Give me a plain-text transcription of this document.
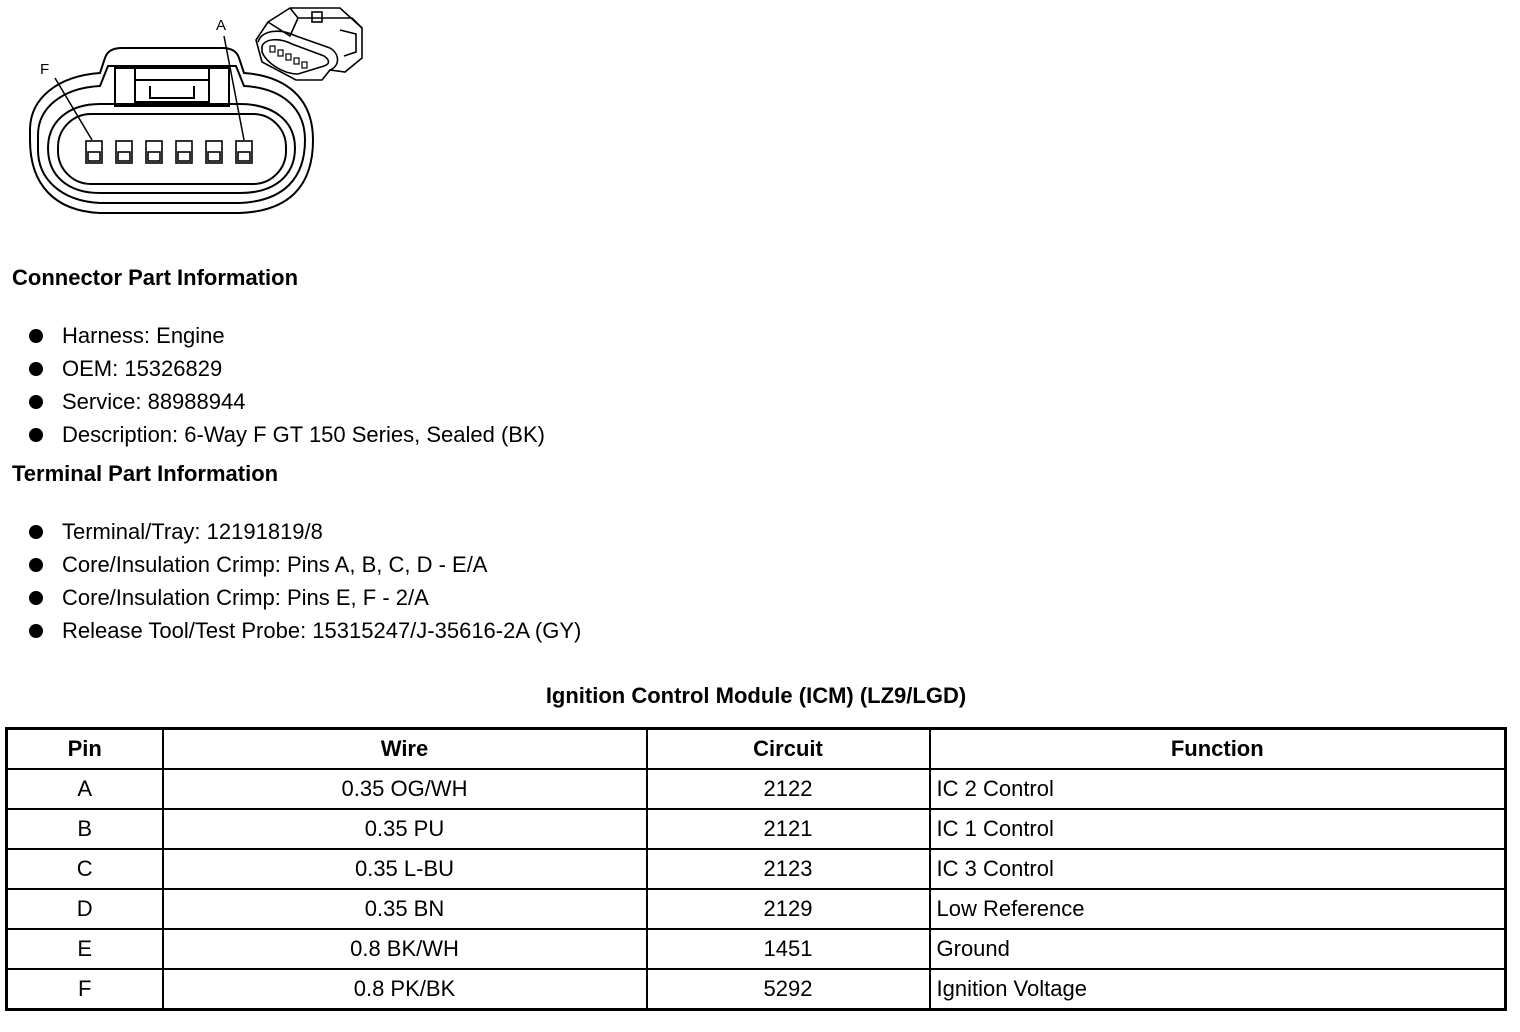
F
A
Connector Part Information
Harness: Engine
OEM: 15326829
Service: 88988944
Description: 6-Way F GT 150 Series, Sealed (BK)
Terminal Part Information
Terminal/Tray: 12191819/8
Core/Insulation Crimp: Pins A, B, C, D - E/A
Core/Insulation Crimp: Pins E, F - 2/A
Release Tool/Test Probe: 15315247/J-35616-2A (GY)
Ignition Control Module (ICM) (LZ9/LGD)
Pin	Wire	Circuit	Function
A	0.35 OG/WH	2122	IC 2 Control
B	0.35 PU	2121	IC 1 Control
C	0.35 L-BU	2123	IC 3 Control
D	0.35 BN	2129	Low Reference
E	0.8 BK/WH	1451	Ground
F	0.8 PK/BK	5292	Ignition Voltage
